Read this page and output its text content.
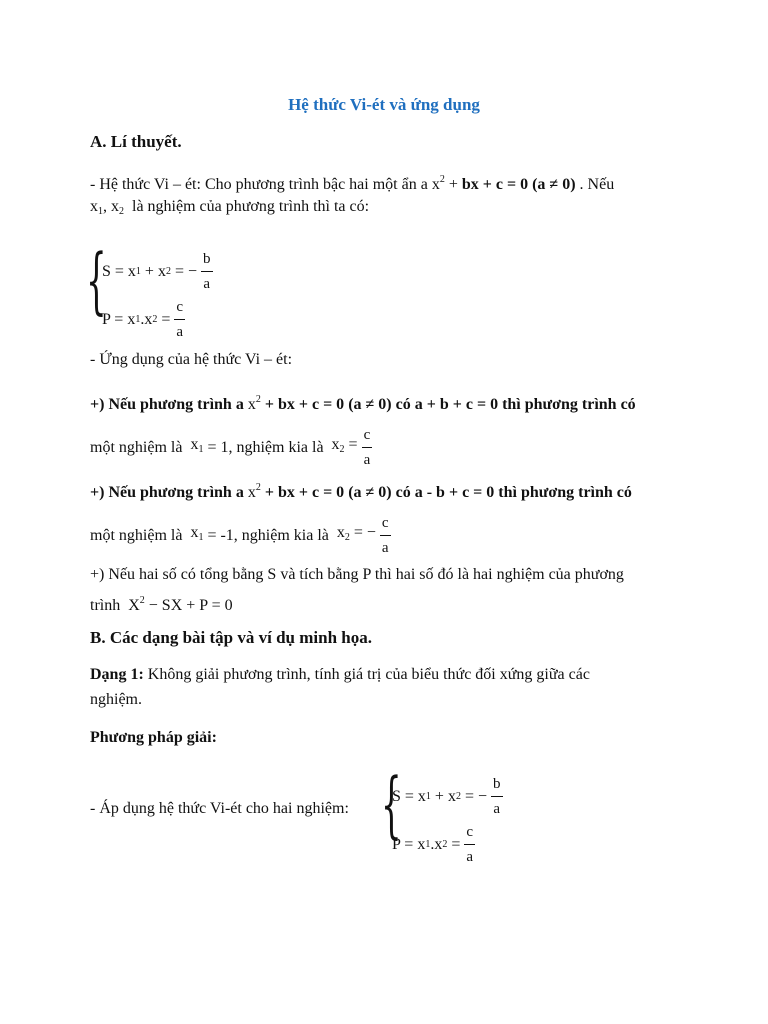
Hệ thức Vi-ét và ứng dụng
A. Lí thuyết.
- Hệ thức Vi – ét: Cho phương trình bậc hai một ẩn a $x^2$ + bx + c = 0 (a ≠ 0) . Nếu
$x_1$, $x_2$ là nghiệm của phương trình thì ta có:
{
S = x 1 + x 2 = − $\frac{b}{a}$
P = x 1 .x $2 = \frac{c}{a}$
- Ứng dụng của hệ thức Vi – ét:
+) Nếu phương trình a $x^2$ + bx + c = 0 (a ≠ 0) có a + b + c = 0 thì phương trình có
một nghiệm là
$x_1$
= 1, nghiệm kia là
$x_2$ =
$\frac{c}{a}$
+) Nếu phương trình a $x^2$ + bx + c = 0 (a ≠ 0) có a - b + c = 0 thì phương trình có
một nghiệm là
$x_1$
= -1, nghiệm kia là
$x_2$ = −
$\frac{c}{a}$
+) Nếu hai số có tổng bằng S và tích bằng P thì hai số đó là hai nghiệm của phương
trình $X^2$ − SX + P = 0
B. Các dạng bài tập và ví dụ minh họa.
Dạng 1: Không giải phương trình, tính giá trị của biểu thức đối xứng giữa các
nghiệm.
Phương pháp giải:
- Áp dụng hệ thức Vi-ét cho hai nghiệm: {
S = x 1 + x 2 = − $\frac{b}{a}$
P = x 1 .x $2 = \frac{c}{a}$
